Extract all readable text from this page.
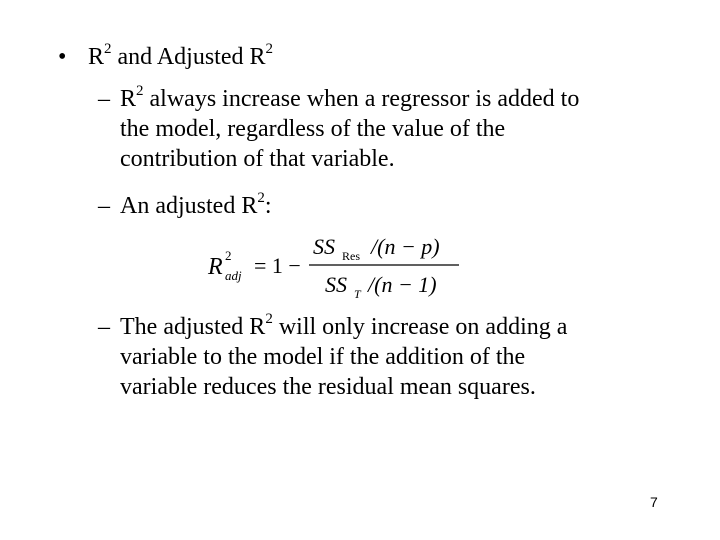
• $R^2$ and Adjusted $R^2$
– $R^2$ always increase when a regressor is added to
the model, regardless of the value of the
contribution of that variable.
– An adjusted $R^2$:
R 2
adj = 1 −
SS Res /(n − p)
SS T /(n − 1)
– The adjusted $R^2$ will only increase on adding a
variable to the model if the addition of the
variable reduces the residual mean squares.
7
